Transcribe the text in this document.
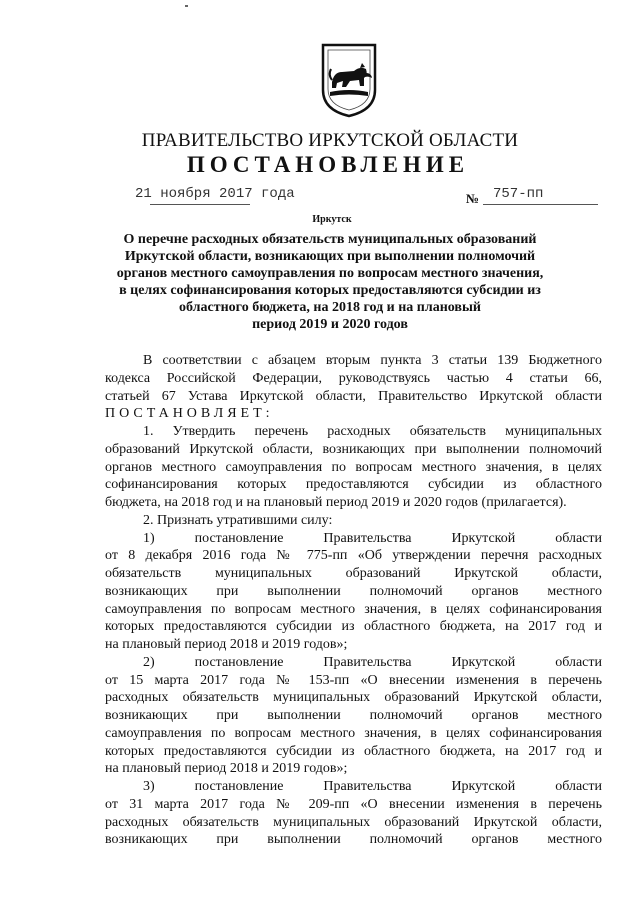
ПРАВИТЕЛЬСТВО ИРКУТСКОЙ ОБЛАСТИ
ПОСТАНОВЛЕНИЕ
21 ноября 2017 года	№ 757-пп
Иркутск
О перечне расходных обязательств муниципальных образований
Иркутской области, возникающих при выполнении полномочий
органов местного самоуправления по вопросам местного значения,
в целях софинансирования которых предоставляются субсидии из
областного бюджета, на 2018 год и на плановый
период 2019 и 2020 годов
В соответствии с абзацем вторым пункта 3 статьи 139 Бюджетного
кодекса Российской Федерации, руководствуясь частью 4 статьи 66,
статьей 67 Устава Иркутской области, Правительство Иркутской области
ПОСТАНОВЛЯЕТ:
1. Утвердить перечень расходных обязательств муниципальных
образований Иркутской области, возникающих при выполнении полномочий
органов местного самоуправления по вопросам местного значения, в целях
софинансирования которых предоставляются субсидии из областного
бюджета, на 2018 год и на плановый период 2019 и 2020 годов (прилагается).
2. Признать утратившими силу:
1) постановление Правительства Иркутской области
от 8 декабря 2016 года № 775-пп «Об утверждении перечня расходных
обязательств муниципальных образований Иркутской области,
возникающих при выполнении полномочий органов местного
самоуправления по вопросам местного значения, в целях софинансирования
которых предоставляются субсидии из областного бюджета, на 2017 год и
на плановый период 2018 и 2019 годов»;
2) постановление Правительства Иркутской области
от 15 марта 2017 года № 153-пп «О внесении изменения в перечень
расходных обязательств муниципальных образований Иркутской области,
возникающих при выполнении полномочий органов местного
самоуправления по вопросам местного значения, в целях софинансирования
которых предоставляются субсидии из областного бюджета, на 2017 год и
на плановый период 2018 и 2019 годов»;
3) постановление Правительства Иркутской области
от 31 марта 2017 года № 209-пп «О внесении изменения в перечень
расходных обязательств муниципальных образований Иркутской области,
возникающих при выполнении полномочий органов местного
